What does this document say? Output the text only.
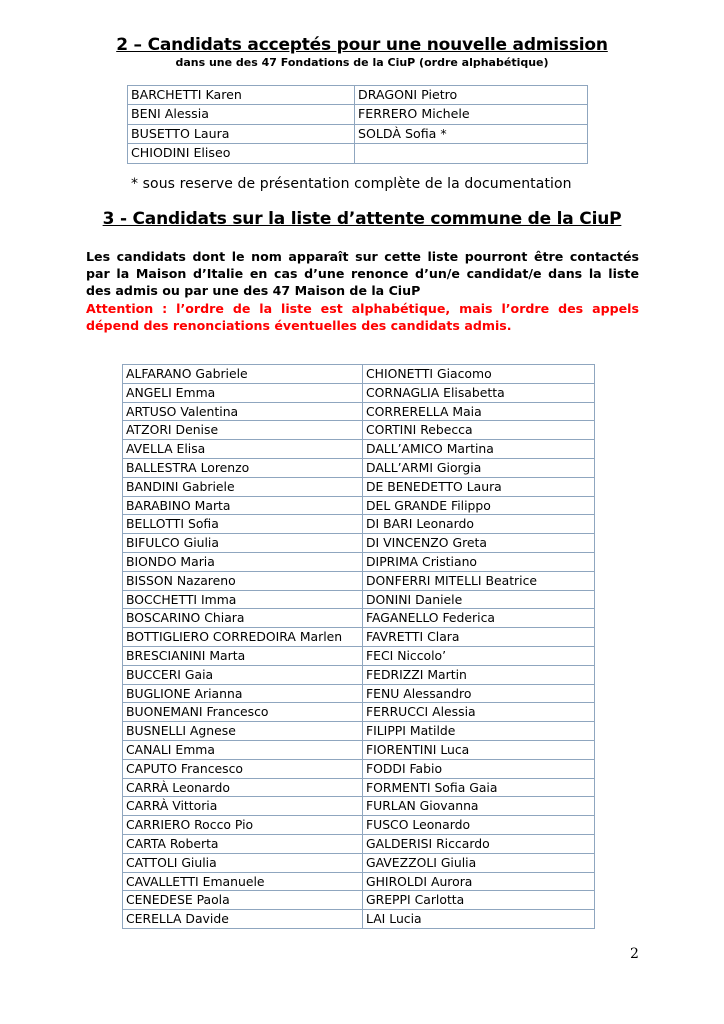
2 – Candidats acceptés pour une nouvelle admission
dans une des 47 Fondations de la CiuP (ordre alphabétique)
BARCHETTI Karen	DRAGONI Pietro
BENI Alessia	FERRERO Michele
BUSETTO Laura	SOLDÀ Sofia *
CHIODINI Eliseo	
* sous reserve de présentation complète de la documentation
3 - Candidats sur la liste d’attente commune de la CiuP
Les candidats dont le nom apparaît sur cette liste pourront être contactés par la Maison d’Italie en cas d’une renonce d’un/e candidat/e dans la liste des admis ou par une des 47 Maison de la CiuP
Attention : l’ordre de la liste est alphabétique, mais l’ordre des appels dépend des renonciations éventuelles des candidats admis.
ALFARANO Gabriele	CHIONETTI Giacomo
ANGELI Emma	CORNAGLIA Elisabetta
ARTUSO Valentina	CORRERELLA Maia
ATZORI Denise	CORTINI Rebecca
AVELLA Elisa	DALL’AMICO Martina
BALLESTRA Lorenzo	DALL’ARMI Giorgia
BANDINI Gabriele	DE BENEDETTO Laura
BARABINO Marta	DEL GRANDE Filippo
BELLOTTI Sofia	DI BARI Leonardo
BIFULCO Giulia	DI VINCENZO Greta
BIONDO Maria	DIPRIMA Cristiano
BISSON Nazareno	DONFERRI MITELLI Beatrice
BOCCHETTI Imma	DONINI Daniele
BOSCARINO Chiara	FAGANELLO Federica
BOTTIGLIERO CORREDOIRA Marlen	FAVRETTI Clara
BRESCIANINI Marta	FECI Niccolo’
BUCCERI Gaia	FEDRIZZI Martin
BUGLIONE Arianna	FENU Alessandro
BUONEMANI Francesco	FERRUCCI Alessia
BUSNELLI Agnese	FILIPPI Matilde
CANALI Emma	FIORENTINI Luca
CAPUTO Francesco	FODDI Fabio
CARRÀ Leonardo	FORMENTI Sofia Gaia
CARRÀ Vittoria	FURLAN Giovanna
CARRIERO Rocco Pio	FUSCO Leonardo
CARTA Roberta	GALDERISI Riccardo
CATTOLI Giulia	GAVEZZOLI Giulia
CAVALLETTI Emanuele	GHIROLDI Aurora
CENEDESE Paola	GREPPI Carlotta
CERELLA Davide	LAI Lucia
2
